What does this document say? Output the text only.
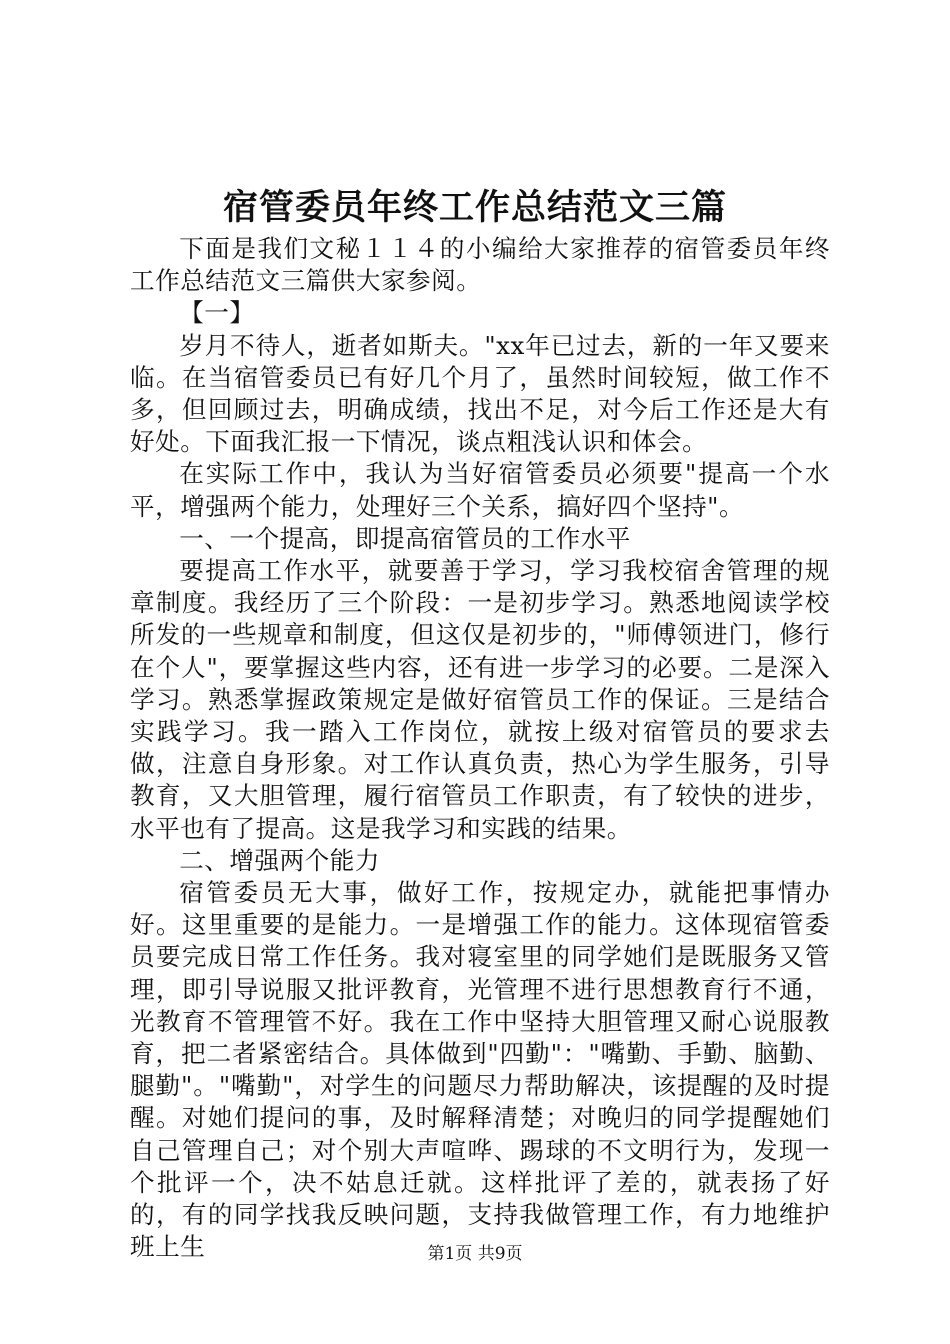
宿管委员年终工作总结范文三篇

下面是我们文秘１１４的小编给大家推荐的宿管委员年终工作总结范文三篇供大家参阅。

【一】

岁月不待人，逝者如斯夫。"xx年已过去，新的一年又要来临。在当宿管委员已有好几个月了，虽然时间较短，做工作不多，但回顾过去，明确成绩，找出不足，对今后工作还是大有好处。下面我汇报一下情况，谈点粗浅认识和体会。

在实际工作中，我认为当好宿管委员必须要"提高一个水平，增强两个能力，处理好三个关系，搞好四个坚持"。

一、一个提高，即提高宿管员的工作水平

要提高工作水平，就要善于学习，学习我校宿舍管理的规章制度。我经历了三个阶段：一是初步学习。熟悉地阅读学校所发的一些规章和制度，但这仅是初步的，"师傅领进门，修行在个人"，要掌握这些内容，还有进一步学习的必要。二是深入学习。熟悉掌握政策规定是做好宿管员工作的保证。三是结合实践学习。我一踏入工作岗位，就按上级对宿管员的要求去做，注意自身形象。对工作认真负责，热心为学生服务，引导教育，又大胆管理，履行宿管员工作职责，有了较快的进步，水平也有了提高。这是我学习和实践的结果。

二、增强两个能力

宿管委员无大事，做好工作，按规定办，就能把事情办好。这里重要的是能力。一是增强工作的能力。这体现宿管委员要完成日常工作任务。我对寝室里的同学她们是既服务又管理，即引导说服又批评教育，光管理不进行思想教育行不通，光教育不管理管不好。我在工作中坚持大胆管理又耐心说服教育，把二者紧密结合。具体做到"四勤"："嘴勤、手勤、脑勤、腿勤"。"嘴勤"，对学生的问题尽力帮助解决，该提醒的及时提醒。对她们提问的事，及时解释清楚；对晚归的同学提醒她们自己管理自己；对个别大声喧哗、踢球的不文明行为，发现一个批评一个，决不姑息迁就。这样批评了差的，就表扬了好的，有的同学找我反映问题，支持我做管理工作，有力地维护班上生	第1页 共9页
